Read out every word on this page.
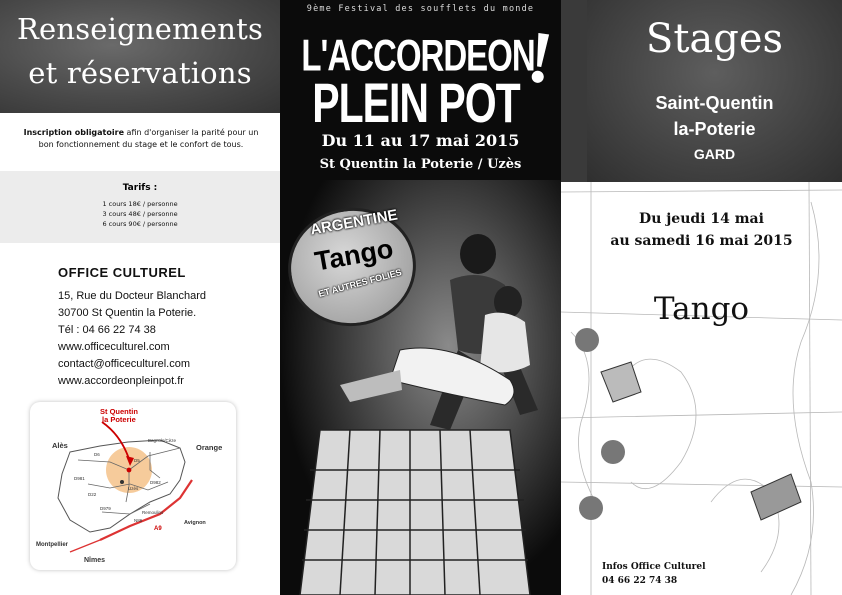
Renseignements
et réservations
Inscription obligatoire afin d'organiser la parité pour un bon fonctionnement du stage et le confort de tous.
Tarifs :
1 cours 18€ / personne
3 cours 48€ / personne
6 cours 90€ / personne
OFFICE CULTUREL
15, Rue du Docteur Blanchard
30700 St Quentin la Poterie.
Tél : 04 66 22 74 38
www.officeculturel.com
contact@officeculturel.com
www.accordeonpleinpot.fr
St Quentin
la Poterie
Alès	Orange
Bagnols/Cèze
Uzès
Remoulins
Avignon
Montpellier
Nîmes
D6
D981
D22
D979
N86
D982
D5
A9
9ème Festival des soufflets du monde
L'ACCORDEON
PLEIN POT
!
Du 11 au 17 mai 2015
St Quentin la Poterie / Uzès
ARGENTINE
Tango
ET AUTRES FOLIES
Stages
Saint-Quentin
la-Poterie
GARD
Du jeudi 14 mai
au samedi 16 mai 2015
Tango
Infos Office Culturel
04 66 22 74 38
